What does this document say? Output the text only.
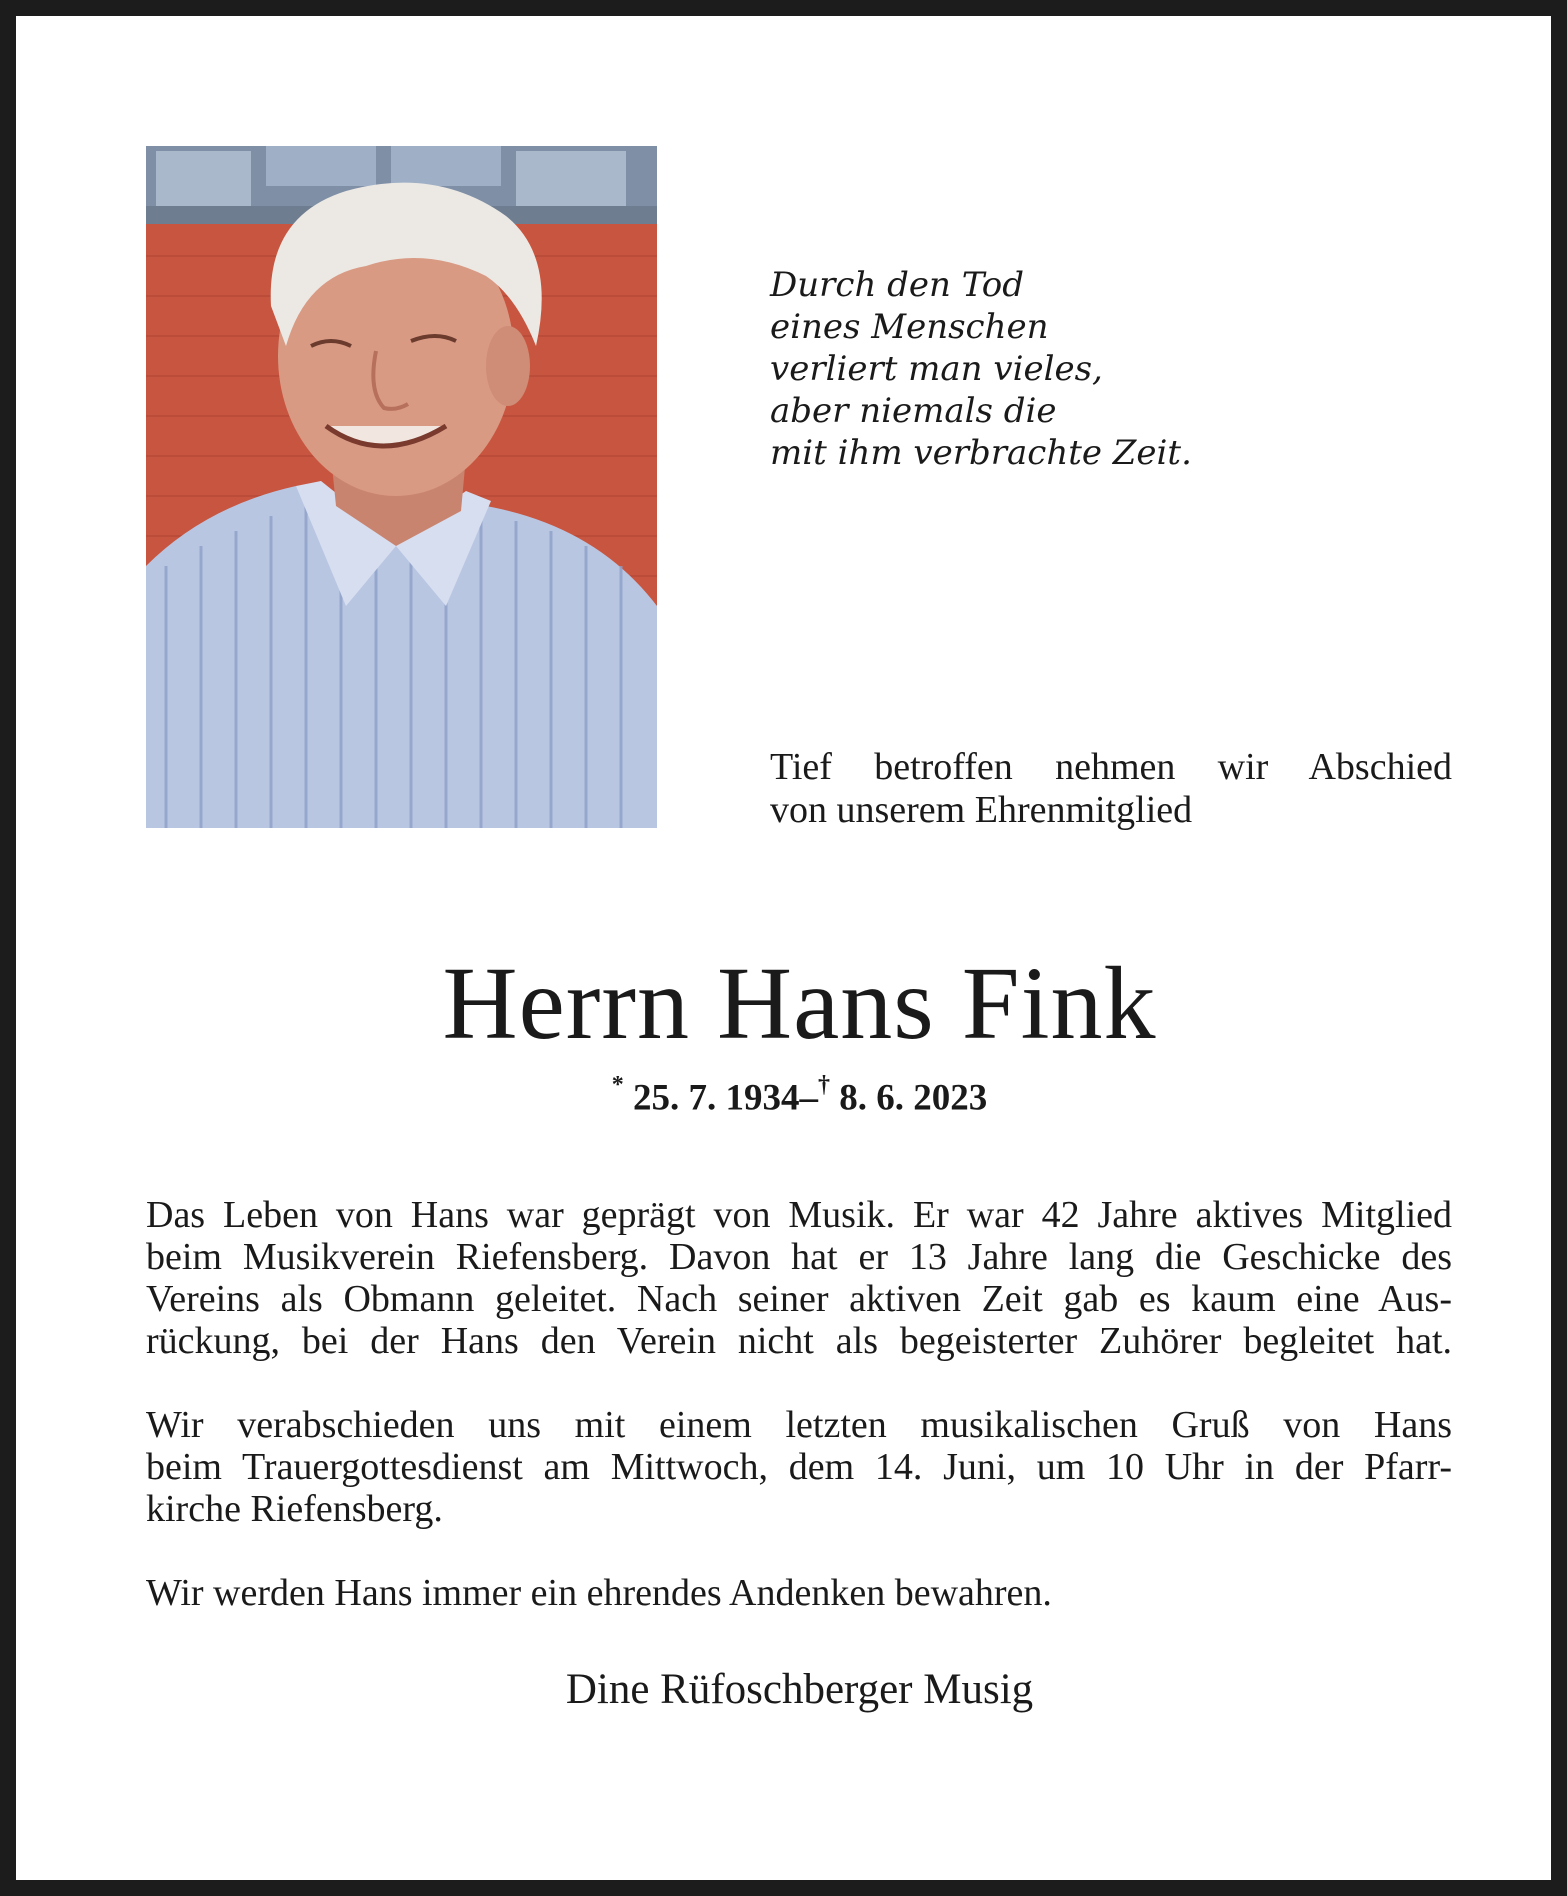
Durch den Tod
eines Menschen
verliert man vieles,
aber niemals die
mit ihm verbrachte Zeit.
Tief betroffen nehmen wir Abschied
von unserem Ehrenmitglied
Herrn Hans Fink
* 25. 7. 1934–† 8. 6. 2023
Das Leben von Hans war geprägt von Musik. Er war 42 Jahre aktives Mitglied
beim Musikverein Riefensberg. Davon hat er 13 Jahre lang die Geschicke des
Vereins als Obmann geleitet. Nach seiner aktiven Zeit gab es kaum eine Aus-
rückung, bei der Hans den Verein nicht als begeisterter Zuhörer begleitet hat.
Wir verabschieden uns mit einem letzten musikalischen Gruß von Hans
beim Trauergottesdienst am Mittwoch, dem 14. Juni, um 10 Uhr in der Pfarr-
kirche Riefensberg.
Wir werden Hans immer ein ehrendes Andenken bewahren.
Dine Rüfoschberger Musig
